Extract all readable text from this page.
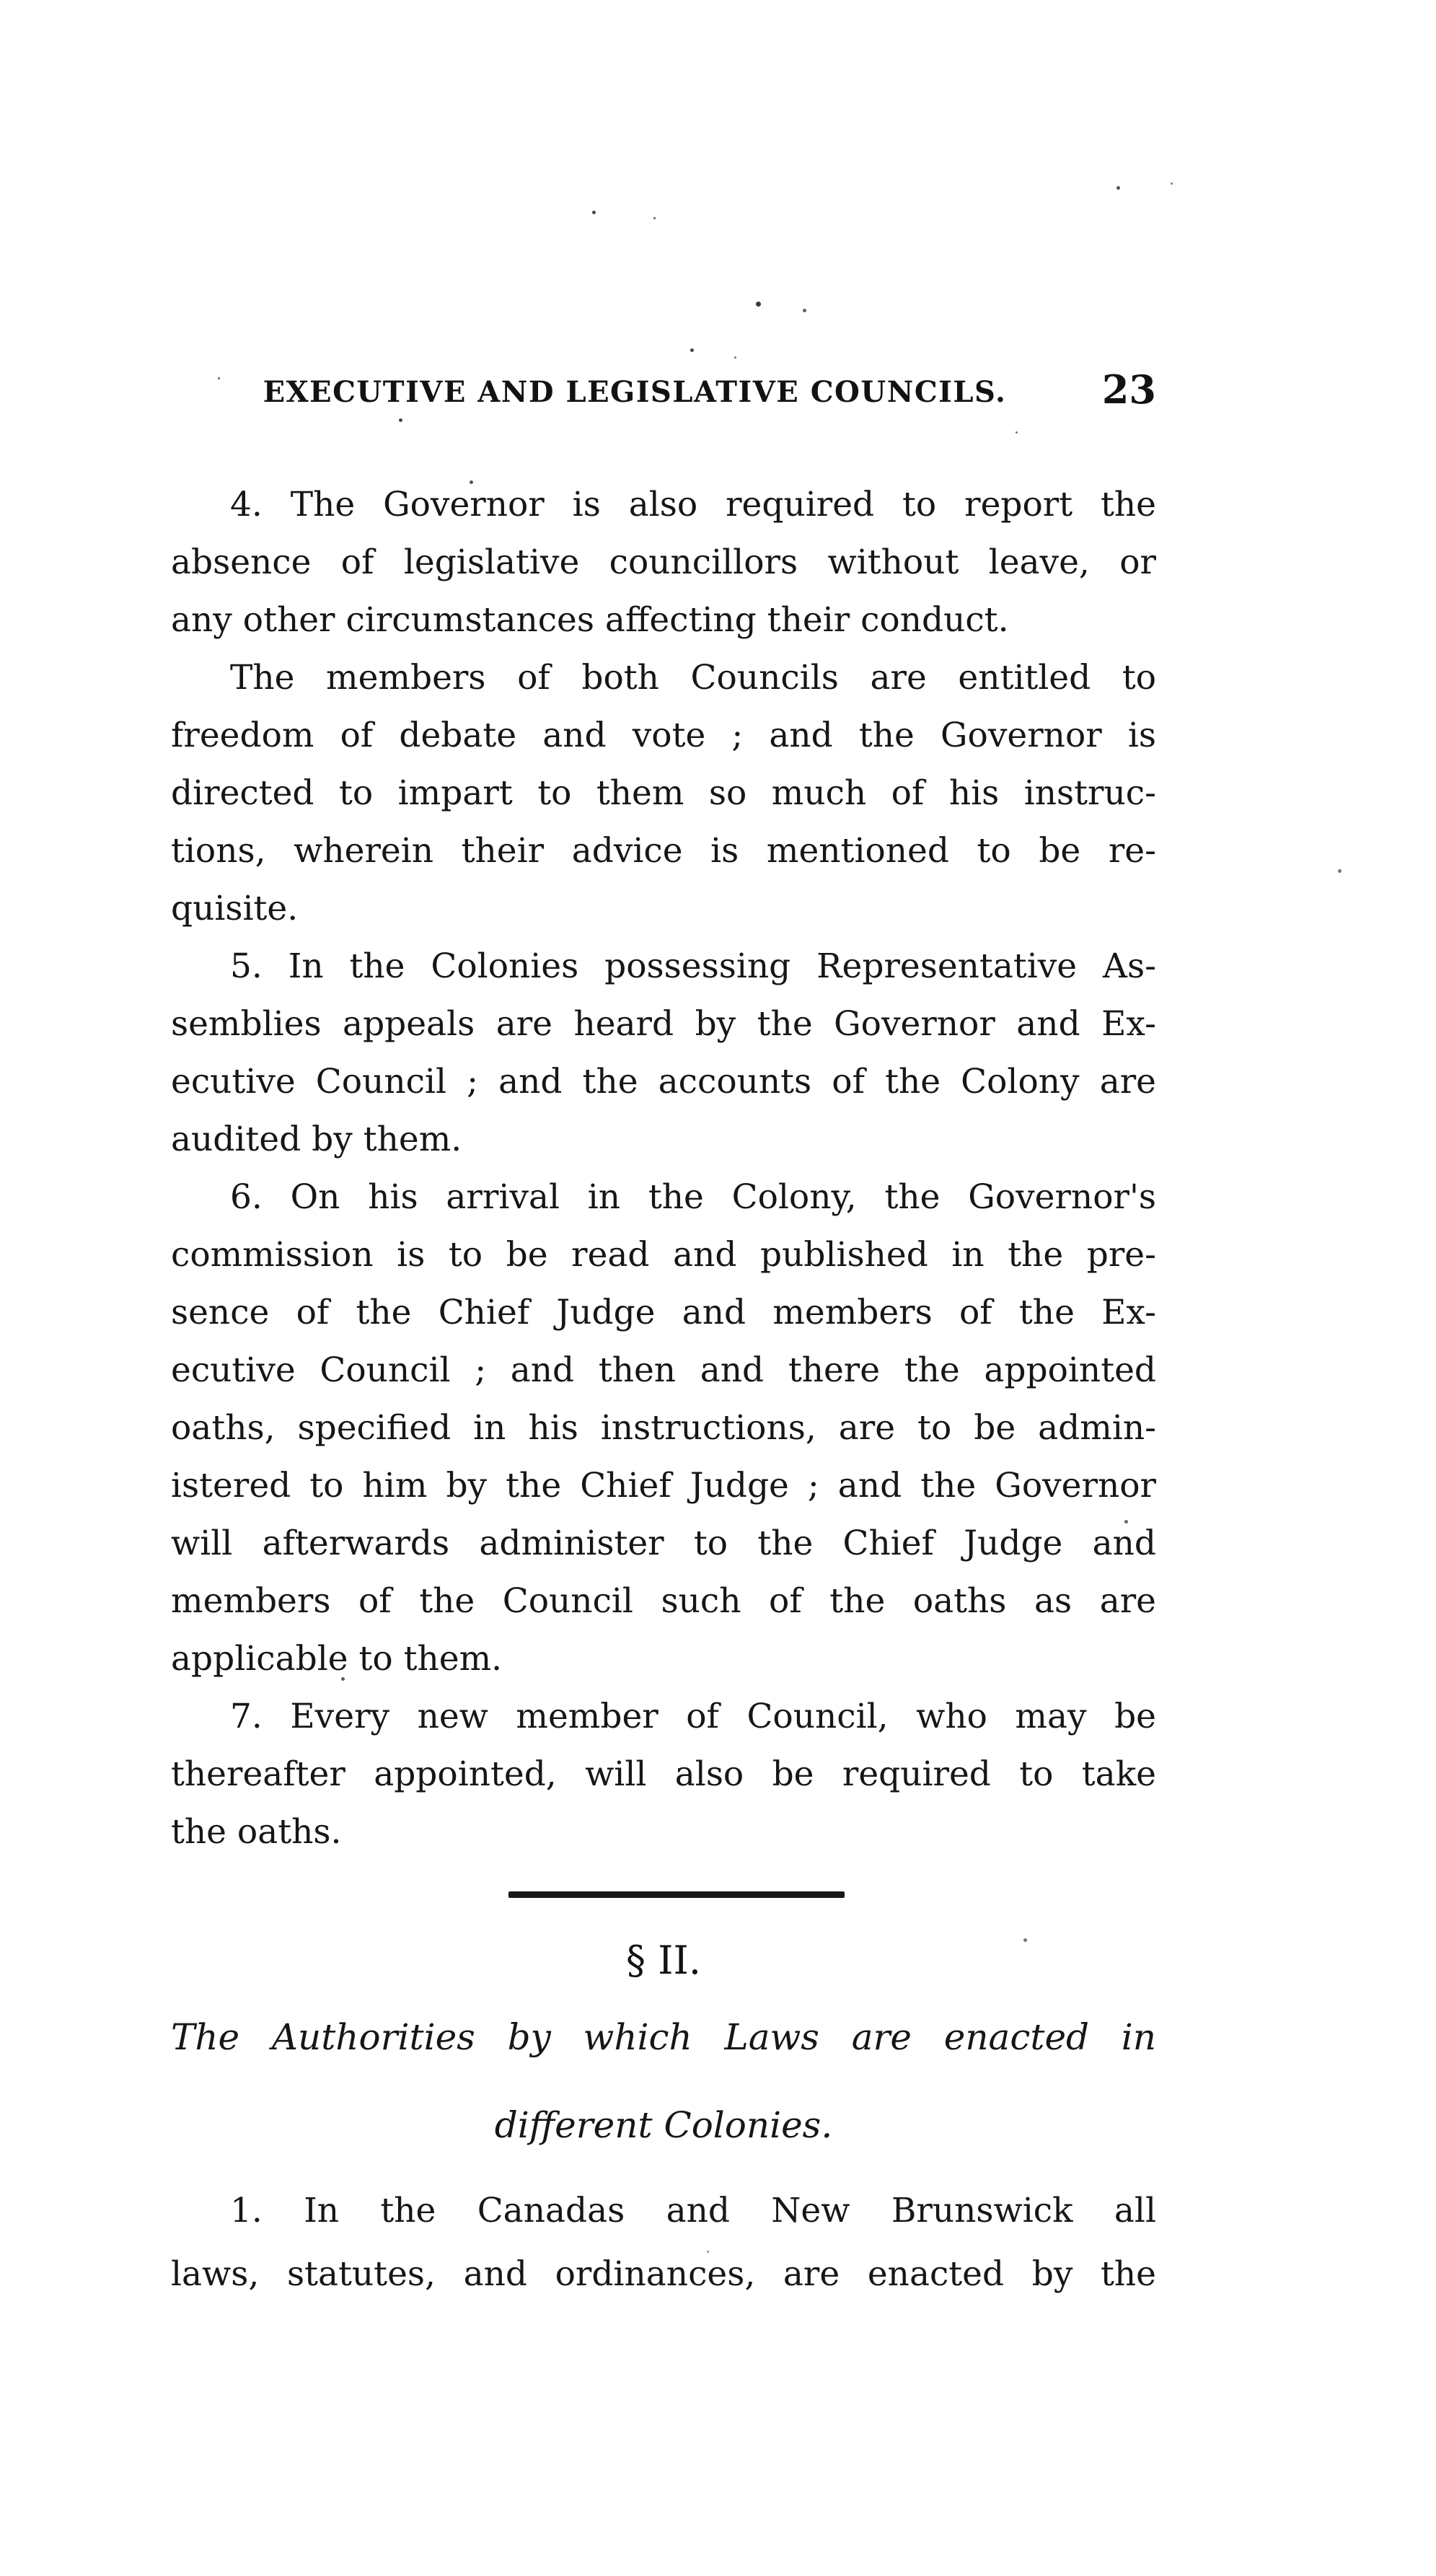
EXECUTIVE AND LEGISLATIVE COUNCILS.	23
4. The Governor is also required to report the
absence of legislative councillors without leave, or
any other circumstances affecting their conduct.
The members of both Councils are entitled to
freedom of debate and vote ; and the Governor is
directed to impart to them so much of his instruc-
tions, wherein their advice is mentioned to be re-
quisite.
5. In the Colonies possessing Representative As-
semblies appeals are heard by the Governor and Ex-
ecutive Council ; and the accounts of the Colony are
audited by them.
6. On his arrival in the Colony, the Governor's
commission is to be read and published in the pre-
sence of the Chief Judge and members of the Ex-
ecutive Council ; and then and there the appointed
oaths, specified in his instructions, are to be admin-
istered to him by the Chief Judge ; and the Governor
will afterwards administer to the Chief Judge and
members of the Council such of the oaths as are
applicable to them.
7. Every new member of Council, who may be
thereafter appointed, will also be required to take
the oaths.
§ II.
The Authorities by which Laws are enacted in
different Colonies.
1. In the Canadas and New Brunswick all
laws, statutes, and ordinances, are enacted by the
